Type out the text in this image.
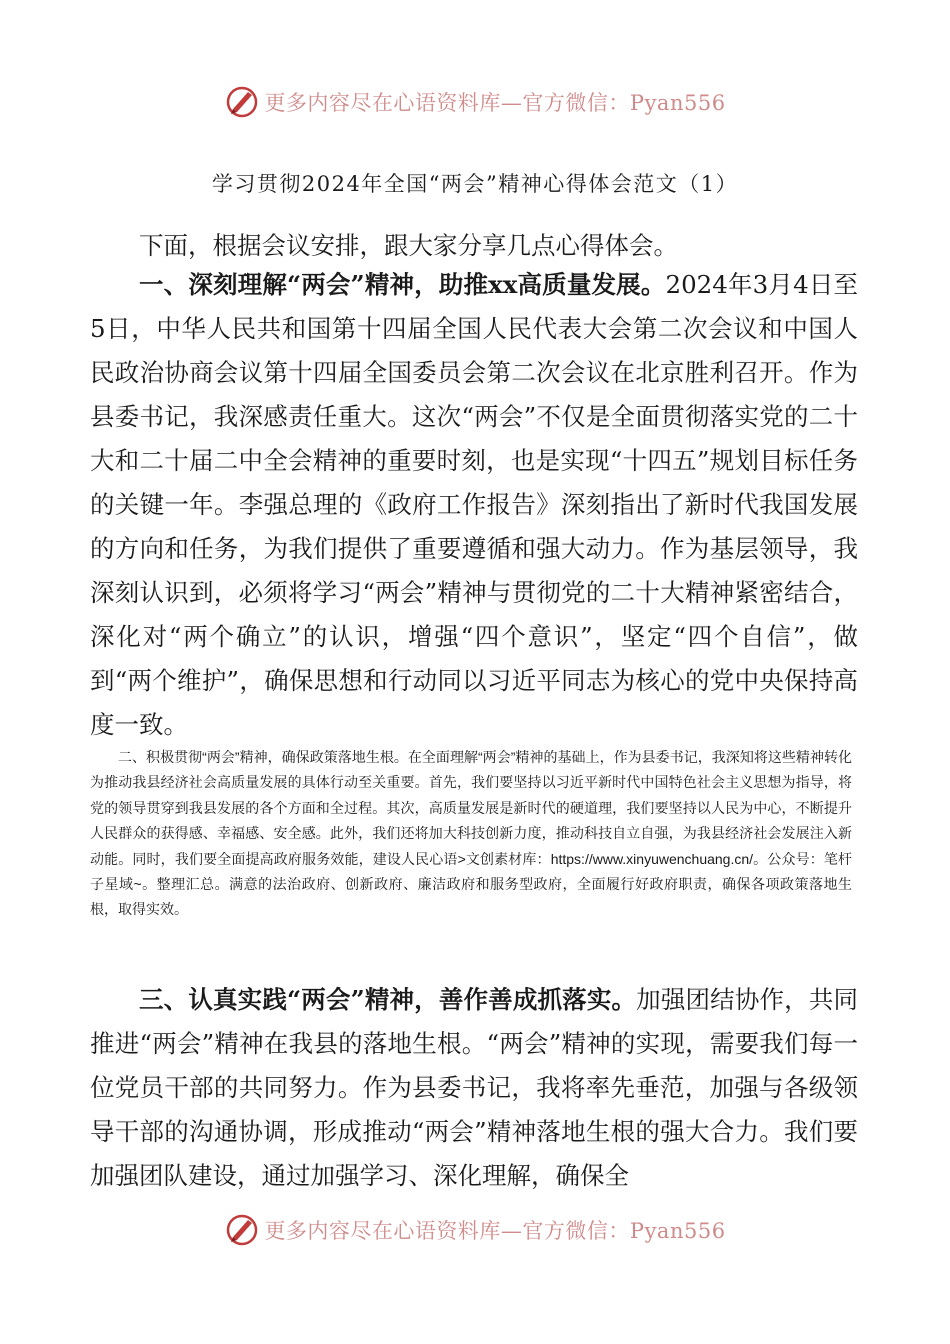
更多内容尽在心语资料库—官方微信：Pyan556
学习贯彻2024年全国“两会”精神心得体会范文（1）

下面，根据会议安排，跟大家分享几点心得体会。

一、深刻理解“两会”精神，助推xx高质量发展。2024年3月4日至5日，中华人民共和国第十四届全国人民代表大会第二次会议和中国人民政治协商会议第十四届全国委员会第二次会议在北京胜利召开。作为县委书记，我深感责任重大。这次“两会”不仅是全面贯彻落实党的二十大和二十届二中全会精神的重要时刻，也是实现“十四五”规划目标任务的关键一年。李强总理的《政府工作报告》深刻指出了新时代我国发展的方向和任务，为我们提供了重要遵循和强大动力。作为基层领导，我深刻认识到，必须将学习“两会”精神与贯彻党的二十大精神紧密结合，深化对“两个确立”的认识，增强“四个意识”，坚定“四个自信”，做到“两个维护”，确保思想和行动同以习近平同志为核心的党中央保持高度一致。

二、积极贯彻“两会”精神，确保政策落地生根。在全面理解“两会”精神的基础上，作为县委书记，我深知将这些精神转化为推动我县经济社会高质量发展的具体行动至关重要。首先，我们要坚持以习近平新时代中国特色社会主义思想为指导，将党的领导贯穿到我县发展的各个方面和全过程。其次，高质量发展是新时代的硬道理，我们要坚持以人民为中心，不断提升人民群众的获得感、幸福感、安全感。此外，我们还将加大科技创新力度，推动科技自立自强，为我县经济社会发展注入新动能。同时，我们要全面提高政府服务效能，建设人民心语>文创素材库：https://www.xinyuwenchuang.cn/。公众号：笔杆子星域~。整理汇总。满意的法治政府、创新政府、廉洁政府和服务型政府，全面履行好政府职责，确保各项政策落地生根，取得实效。

三、认真实践“两会”精神，善作善成抓落实。加强团结协作，共同推进“两会”精神在我县的落地生根。“两会”精神的实现，需要我们每一位党员干部的共同努力。作为县委书记，我将率先垂范，加强与各级领导干部的沟通协调，形成推动“两会”精神落地生根的强大合力。我们要加强团队建设，通过加强学习、深化理解，确保全

更多内容尽在心语资料库—官方微信：Pyan556
